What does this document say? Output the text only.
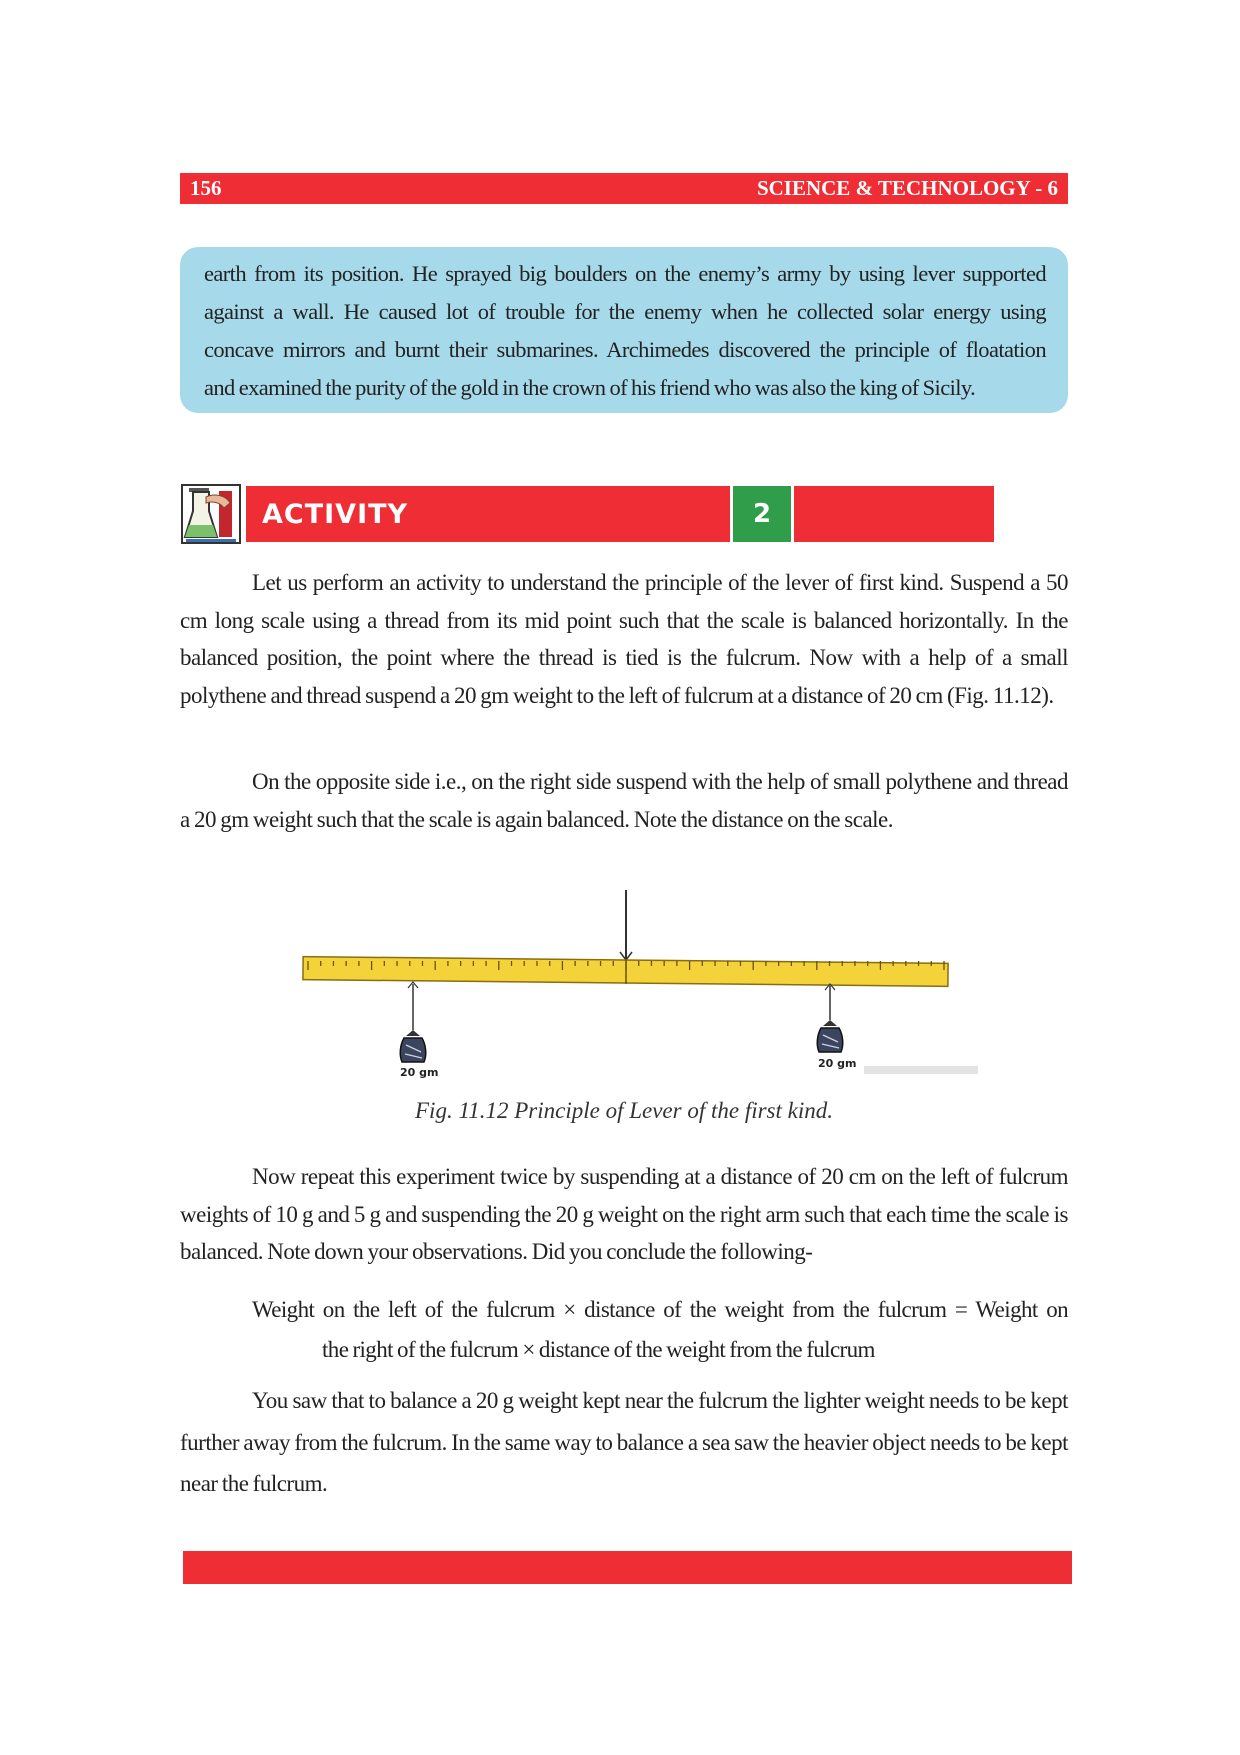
156	SCIENCE & TECHNOLOGY - 6

earth from its position. He sprayed big boulders on the enemy’s army by using lever supported

against a wall. He caused lot of trouble for the enemy when he collected solar energy using

concave mirrors and burnt their submarines. Archimedes discovered the principle of floatation

and examined the purity of the gold in the crown of his friend who was also the king of Sicily.

ACTIVITY	2

Let us perform an activity to understand the principle of the lever of first kind. Suspend a 50 cm long scale using a thread from its mid point such that the scale is balanced horizontally. In the balanced position, the point where the thread is tied is the fulcrum. Now with a help of a small polythene and thread suspend a 20 gm weight to the left of fulcrum at a distance of 20 cm (Fig. 11.12).

On the opposite side i.e., on the right side suspend with the help of small polythene and thread a 20 gm weight such that the scale is again balanced. Note the distance on the scale.

20 gm
20 gm
Fig. 11.12 Principle of Lever of the first kind.

Now repeat this experiment twice by suspending at a distance of 20 cm on the left of fulcrum weights of 10 g and 5 g and suspending the 20 g weight on the right arm such that each time the scale is balanced. Note down your observations. Did you conclude the following-

Weight on the left of the fulcrum × distance of the weight from the fulcrum = Weight on
the right of the fulcrum × distance of the weight from the fulcrum

You saw that to balance a 20 g weight kept near the fulcrum the lighter weight needs to be kept further away from the fulcrum. In the same way to balance a sea saw the heavier object needs to be kept near the fulcrum.
